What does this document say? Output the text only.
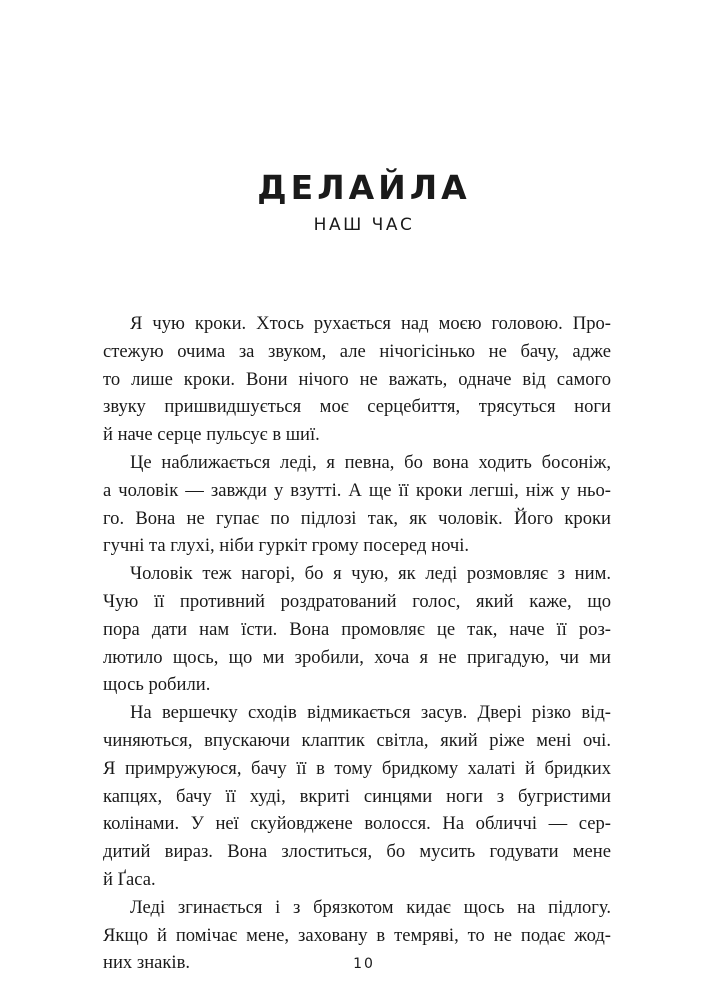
ДЕЛАЙЛА
НАШ ЧАС
Я чую кроки. Хтось рухається над моєю головою. Про-
стежую очима за звуком, але нічогісінько не бачу, адже
то лише кроки. Вони нічого не важать, одначе від самого
звуку пришвидшується моє серцебиття, трясуться ноги
й наче серце пульсує в шиї.
Це наближається леді, я певна, бо вона ходить босоніж,
а чоловік — завжди у взутті. А ще її кроки легші, ніж у ньо-
го. Вона не гупає по підлозі так, як чоловік. Його кроки
гучні та глухі, ніби гуркіт грому посеред ночі.
Чоловік теж нагорі, бо я чую, як леді розмовляє з ним.
Чую її противний роздратований голос, який каже, що
пора дати нам їсти. Вона промовляє це так, наче її роз-
лютило щось, що ми зробили, хоча я не пригадую, чи ми
щось робили.
На вершечку сходів відмикається засув. Двері різко від-
чиняються, впускаючи клаптик світла, який ріже мені очі.
Я примружуюся, бачу її в тому бридкому халаті й бридких
капцях, бачу її худі, вкриті синцями ноги з бугристими
колінами. У неї скуйовджене волосся. На обличчі — сер-
дитий вираз. Вона злоститься, бо мусить годувати мене
й Ґаса.
Леді згинається і з брязкотом кидає щось на підлогу.
Якщо й помічає мене, заховану в темряві, то не подає жод-
них знаків.	10
